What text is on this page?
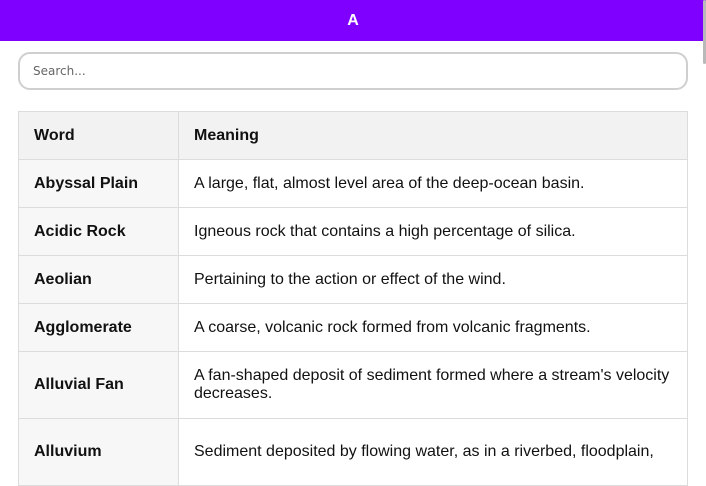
A
Search...
Word	Meaning
Abyssal Plain	A large, flat, almost level area of the deep-ocean basin.
Acidic Rock	Igneous rock that contains a high percentage of silica.
Aeolian	Pertaining to the action or effect of the wind.
Agglomerate	A coarse, volcanic rock formed from volcanic fragments.
Alluvial Fan	A fan-shaped deposit of sediment formed where a stream's velocity decreases.
Alluvium	Sediment deposited by flowing water, as in a riverbed, floodplain,
